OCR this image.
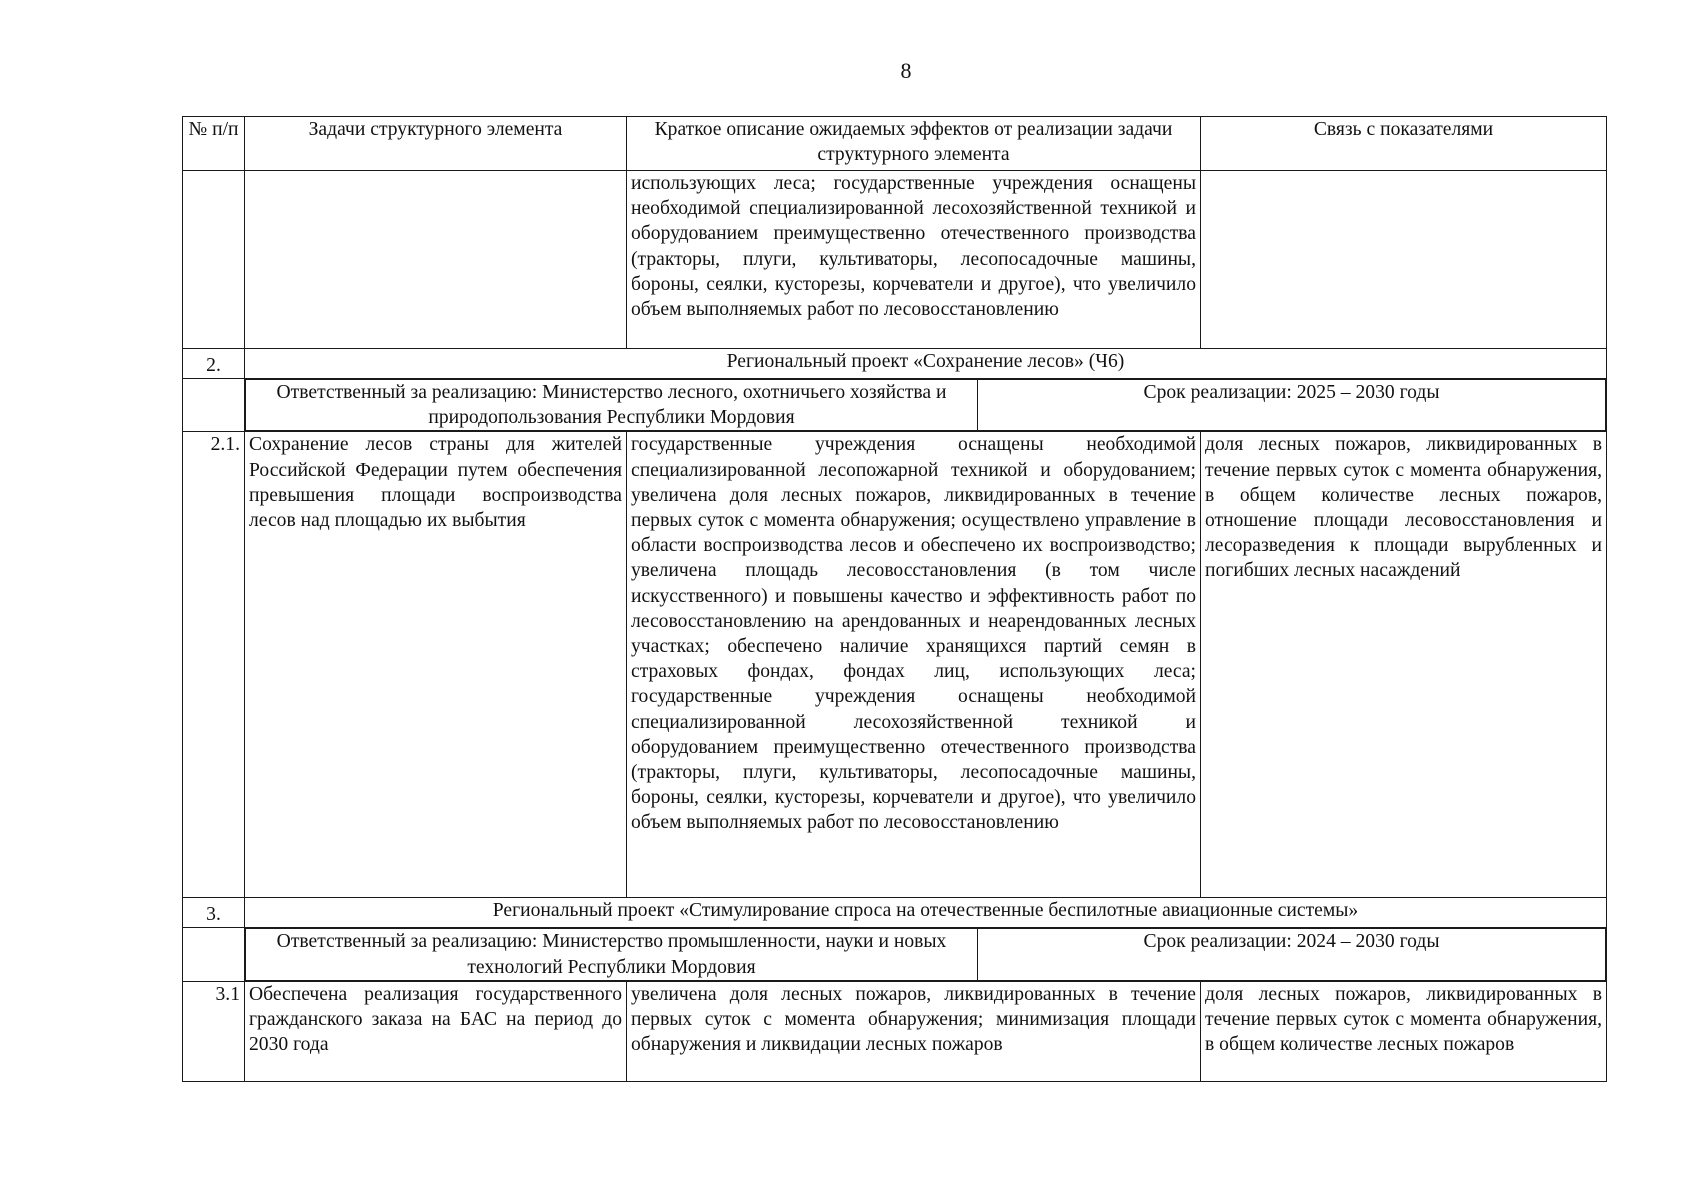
8
№ п/п	Задачи структурного элемента	Краткое описание ожидаемых эффектов от реализации задачи структурного элемента	Связь с показателями
		использующих леса; государственные учреждения оснащены необходимой специализированной лесохозяйственной техникой и оборудованием преимущественно отечественного производства (тракторы, плуги, культиваторы, лесопосадочные машины, бороны, сеялки, кусторезы, корчеватели и другое), что увеличило объем выполняемых работ по лесовосстановлению	
2.	Региональный проект «Сохранение лесов» (Ч6)

Ответственный за реализацию: Министерство лесного, охотничьего хозяйства и природопользования Республики Мордовия	Срок реализации: 2025 – 2030 годы

2.1.	Сохранение лесов страны для жителей Российской Федерации путем обеспечения превышения площади воспроизводства лесов над площадью их выбытия	государственные учреждения оснащены необходимой специализированной лесопожарной техникой и оборудованием; увеличена доля лесных пожаров, ликвидированных в течение первых суток с момента обнаружения; осуществлено управление в области воспроизводства лесов и обеспечено их воспроизводство; увеличена площадь лесовосстановления (в том числе искусственного) и повышены качество и эффективность работ по лесовосстановлению на арендованных и неарендованных лесных участках; обеспечено наличие хранящихся партий семян в страховых фондах, фондах лиц, использующих леса; государственные учреждения оснащены необходимой специализированной лесохозяйственной техникой и оборудованием преимущественно отечественного производства (тракторы, плуги, культиваторы, лесопосадочные машины, бороны, сеялки, кусторезы, корчеватели и другое), что увеличило объем выполняемых работ по лесовосстановлению	доля лесных пожаров, ликвидированных в течение первых суток с момента обнаружения, в общем количестве лесных пожаров, отношение площади лесовосстановления и лесоразведения к площади вырубленных и погибших лесных насаждений
3.	Региональный проект «Стимулирование спроса на отечественные беспилотные авиационные системы»

Ответственный за реализацию: Министерство промышленности, науки и новых технологий Республики Мордовия	Срок реализации: 2024 – 2030 годы

3.1	Обеспечена реализация государственного гражданского заказа на БАС на период до 2030 года	увеличена доля лесных пожаров, ликвидированных в течение первых суток с момента обнаружения; минимизация площади обнаружения и ликвидации лесных пожаров	доля лесных пожаров, ликвидированных в течение первых суток с момента обнаружения, в общем количестве лесных пожаров
